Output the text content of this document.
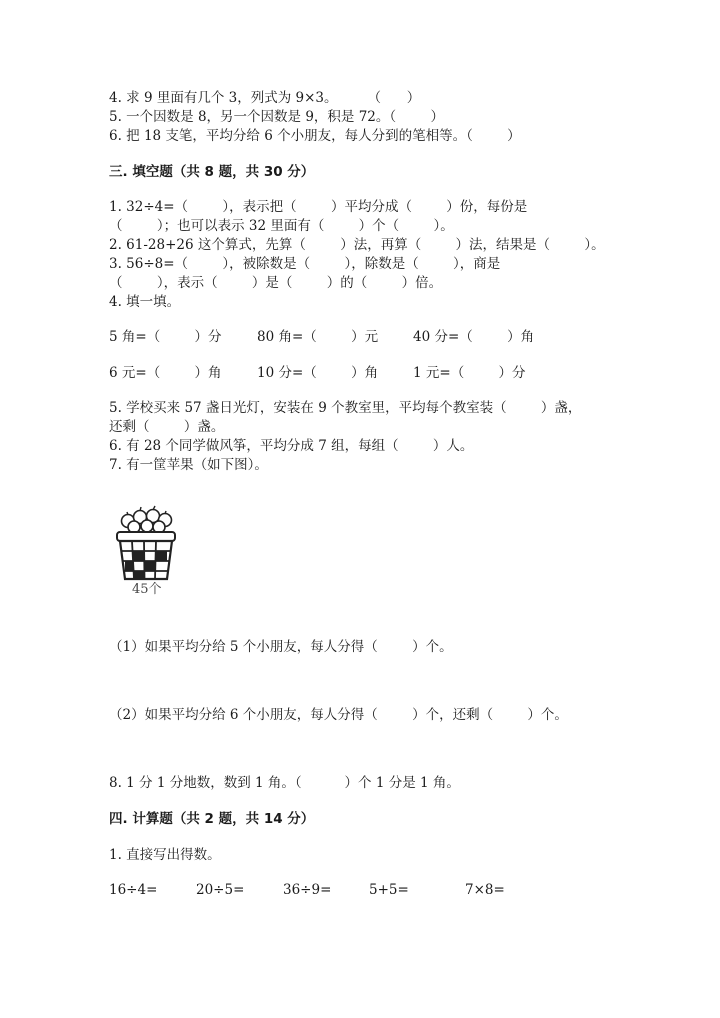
4. 求 9 里面有几个 3，列式为 9×3。       （      ）
5. 一个因数是 8，另一个因数是 9，积是 72。（        ）
6. 把 18 支笔，平均分给 6 个小朋友，每人分到的笔相等。（        ）
三. 填空题（共 8 题，共 30 分）
1. 32÷4=（        ），表示把（        ）平均分成（        ）份，每份是
（        ）；也可以表示 32 里面有（        ）个（        ）。
2. 61-28+26 这个算式，先算（        ）法，再算（        ）法，结果是（        ）。
3. 56÷8=（        ），被除数是（        ），除数是（        ），商是
（        ），表示（        ）是（        ）的（        ）倍。
4. 填一填。
5 角=（        ）分	80 角=（        ）元	40 分=（        ）角
6 元=（        ）角	10 分=（        ）角	1 元=（        ）分
5. 学校买来 57 盏日光灯，安装在 9 个教室里，平均每个教室装（        ）盏，
还剩（        ）盏。
6. 有 28 个同学做风筝，平均分成 7 组，每组（        ）人。
7. 有一筐苹果（如下图）。
45个
（1）如果平均分给 5 个小朋友，每人分得（        ）个。
（2）如果平均分给 6 个小朋友，每人分得（        ）个，还剩（        ）个。
8. 1 分 1 分地数，数到 1 角。（          ）个 1 分是 1 角。
四. 计算题（共 2 题，共 14 分）
1. 直接写出得数。
16÷4=	20÷5=	36÷9=	5+5=	7×8=
